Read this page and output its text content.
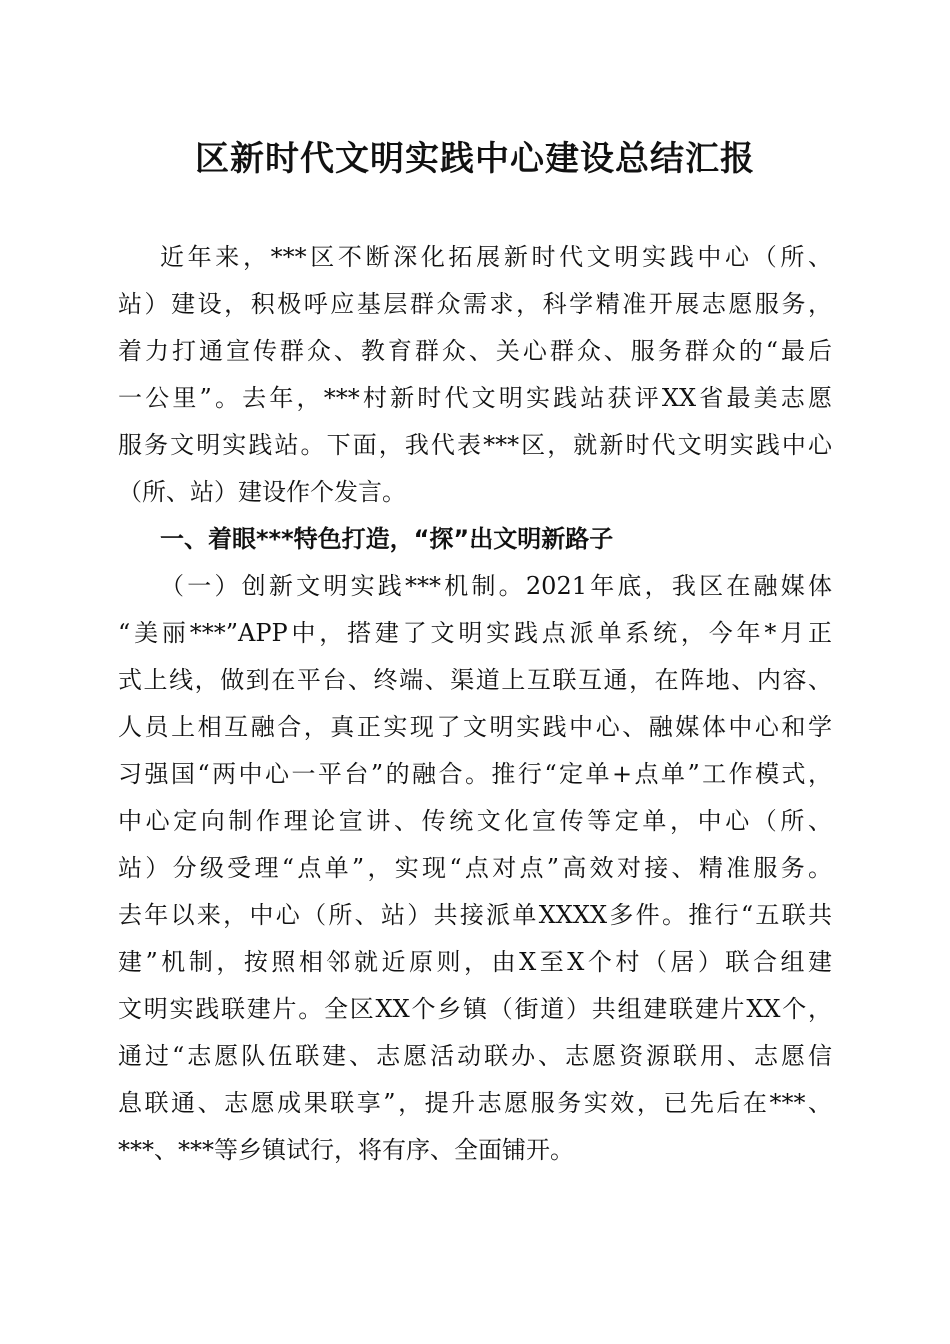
区新时代文明实践中心建设总结汇报
近年来，***区不断深化拓展新时代文明实践中心（所、
站）建设，积极呼应基层群众需求，科学精准开展志愿服务，
着力打通宣传群众、教育群众、关心群众、服务群众的“最后
一公里”。去年，***村新时代文明实践站获评XX省最美志愿
服务文明实践站。下面，我代表***区，就新时代文明实践中心
（所、站）建设作个发言。
一、着眼***特色打造，“探”出文明新路子
（一）创新文明实践***机制。2021年底，我区在融媒体
“美丽***”APP中，搭建了文明实践点派单系统，今年*月正
式上线，做到在平台、终端、渠道上互联互通，在阵地、内容、
人员上相互融合，真正实现了文明实践中心、融媒体中心和学
习强国“两中心一平台”的融合。推行“定单+点单”工作模式，
中心定向制作理论宣讲、传统文化宣传等定单，中心（所、
站）分级受理“点单”，实现“点对点”高效对接、精准服务。
去年以来，中心（所、站）共接派单XXXX多件。推行“五联共
建”机制，按照相邻就近原则，由X至X个村（居）联合组建
文明实践联建片。全区XX个乡镇（街道）共组建联建片XX个，
通过“志愿队伍联建、志愿活动联办、志愿资源联用、志愿信
息联通、志愿成果联享”，提升志愿服务实效，已先后在***、
***、***等乡镇试行，将有序、全面铺开。
